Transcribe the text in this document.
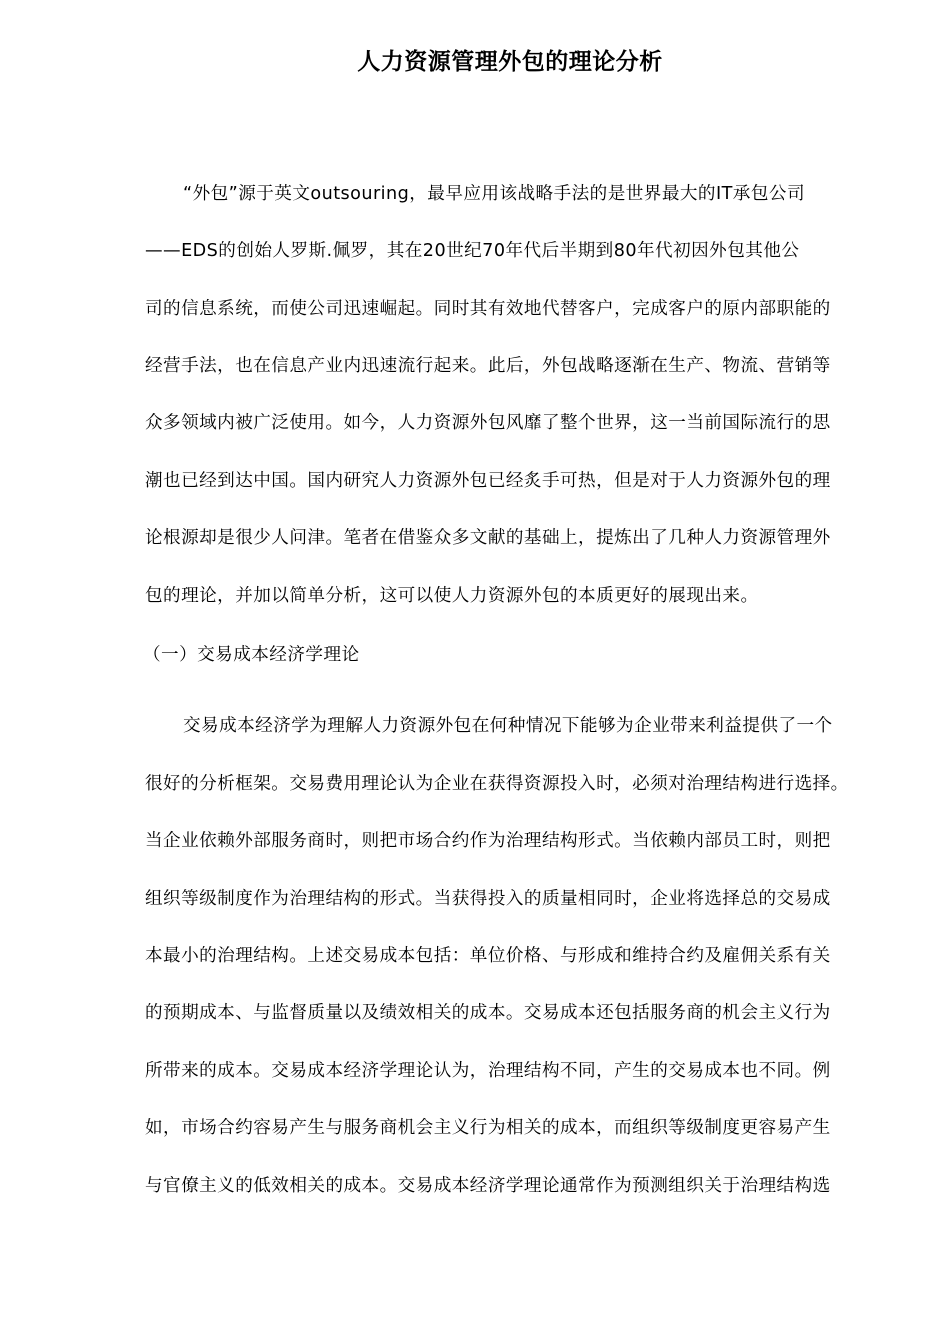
人力资源管理外包的理论分析
“外包”源于英文outsouring，最早应用该战略手法的是世界最大的IT承包公司
——EDS的创始人罗斯.佩罗，其在20世纪70年代后半期到80年代初因外包其他公
司的信息系统，而使公司迅速崛起。同时其有效地代替客户，完成客户的原内部职能的
经营手法，也在信息产业内迅速流行起来。此后，外包战略逐渐在生产、物流、营销等
众多领域内被广泛使用。如今，人力资源外包风靡了整个世界，这一当前国际流行的思
潮也已经到达中国。国内研究人力资源外包已经炙手可热，但是对于人力资源外包的理
论根源却是很少人问津。笔者在借鉴众多文献的基础上，提炼出了几种人力资源管理外
包的理论，并加以简单分析，这可以使人力资源外包的本质更好的展现出来。
（一）交易成本经济学理论
交易成本经济学为理解人力资源外包在何种情况下能够为企业带来利益提供了一个
很好的分析框架。交易费用理论认为企业在获得资源投入时，必须对治理结构进行选择。
当企业依赖外部服务商时，则把市场合约作为治理结构形式。当依赖内部员工时，则把
组织等级制度作为治理结构的形式。当获得投入的质量相同时，企业将选择总的交易成
本最小的治理结构。上述交易成本包括：单位价格、与形成和维持合约及雇佣关系有关
的预期成本、与监督质量以及绩效相关的成本。交易成本还包括服务商的机会主义行为
所带来的成本。交易成本经济学理论认为，治理结构不同，产生的交易成本也不同。例
如，市场合约容易产生与服务商机会主义行为相关的成本，而组织等级制度更容易产生
与官僚主义的低效相关的成本。交易成本经济学理论通常作为预测组织关于治理结构选
